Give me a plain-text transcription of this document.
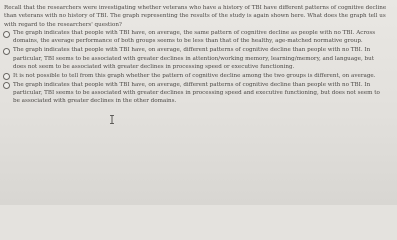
Recall that the researchers were investigating whether veterans who have a history of TBI have different patterns of cognitive decline than veterans with no history of TBI. The graph representing the results of the study is again shown here. What does the graph tell us with regard to the researchers' question?
The graph indicates that people with TBI have, on average, the same pattern of cognitive decline as people with no TBI. Across domains, the average performance of both groups seems to be less than that of the healthy, age-matched normative group.
The graph indicates that people with TBI have, on average, different patterns of cognitive decline than people with no TBI. In particular, TBI seems to be associated with greater declines in attention/working memory, learning/memory, and language, but does not seem to be associated with greater declines in processing speed or executive functioning.
It is not possible to tell from this graph whether the pattern of cognitive decline among the two groups is different, on average.
The graph indicates that people with TBI have, on average, different patterns of cognitive decline than people with no TBI. In particular, TBI seems to be associated with greater declines in processing speed and executive functioning, but does not seem to be associated with greater declines in the other domains.
